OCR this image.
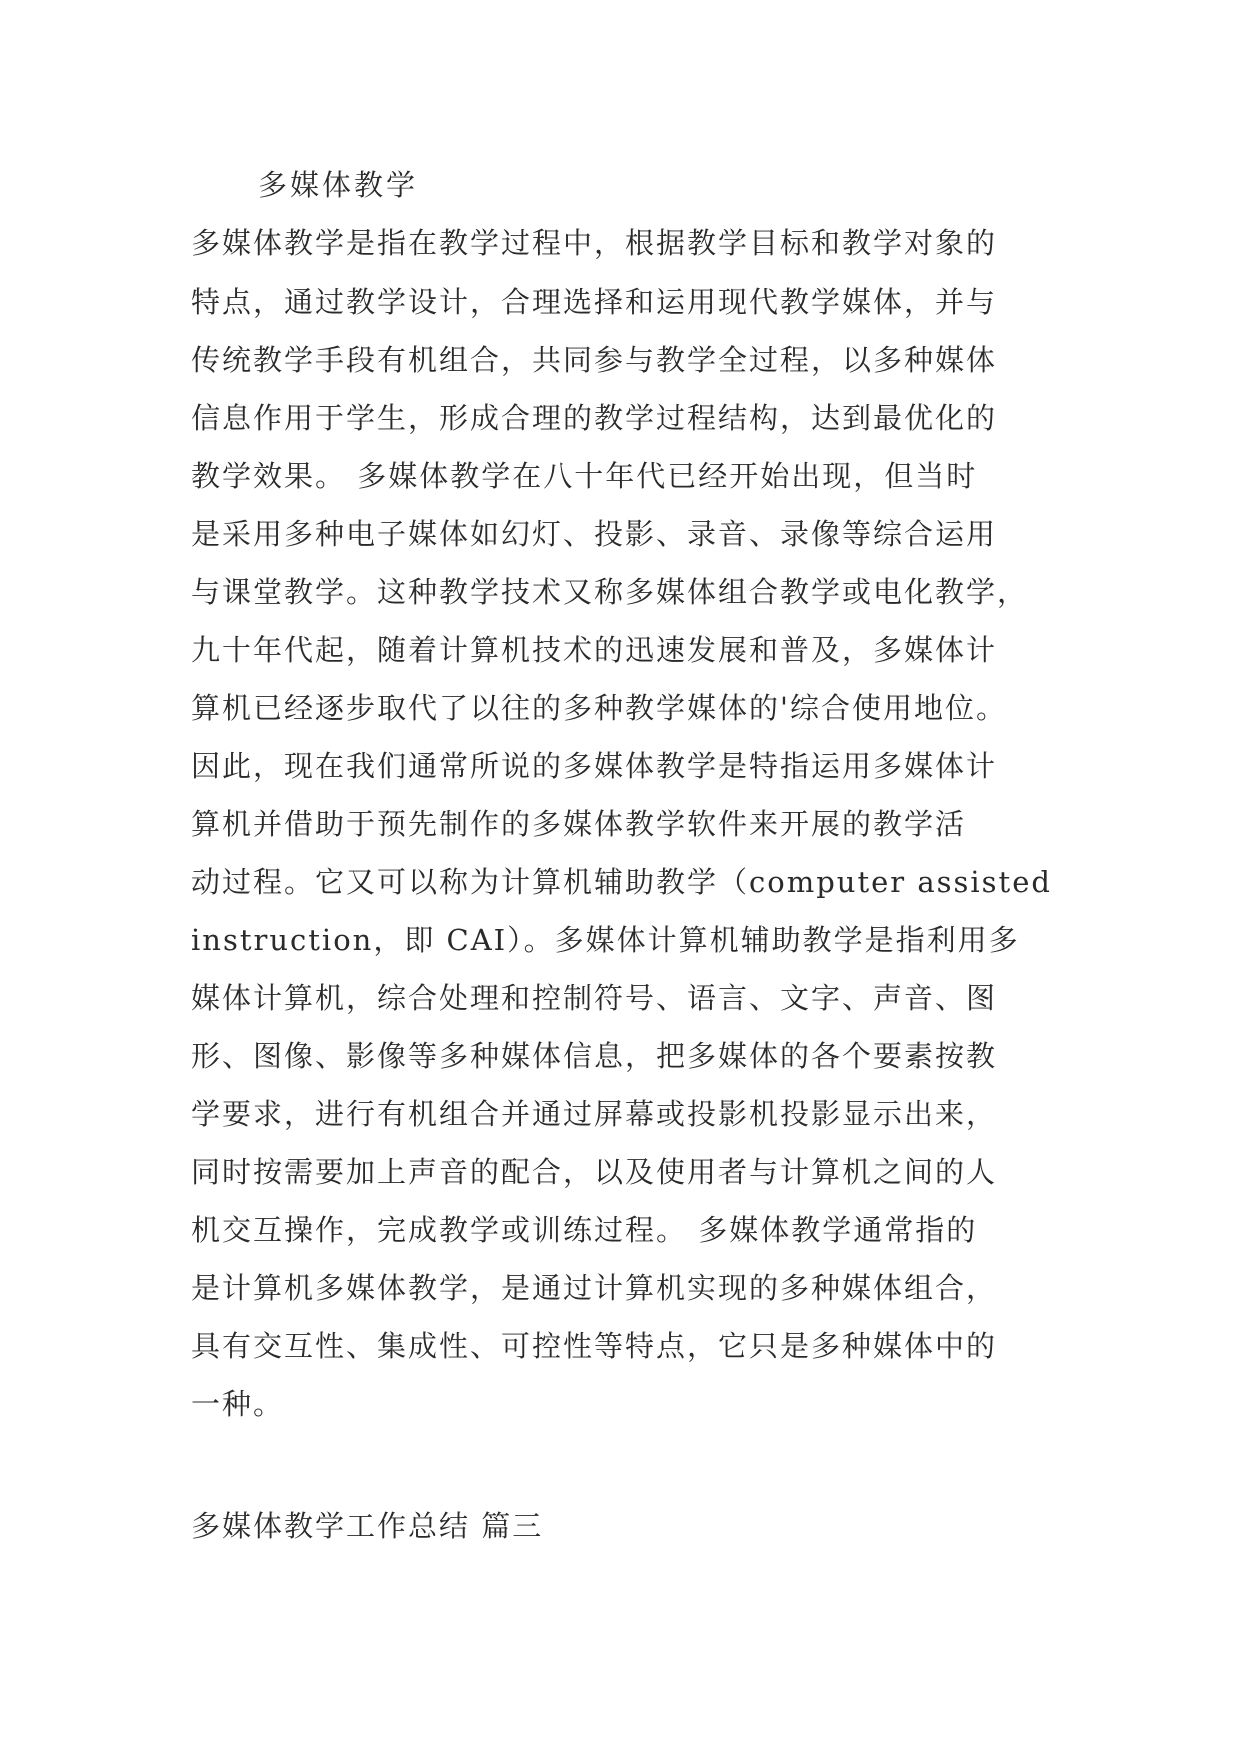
多媒体教学
多媒体教学是指在教学过程中，根据教学目标和教学对象的
特点，通过教学设计，合理选择和运用现代教学媒体，并与
传统教学手段有机组合，共同参与教学全过程，以多种媒体
信息作用于学生，形成合理的教学过程结构，达到最优化的
教学效果。 多媒体教学在八十年代已经开始出现，但当时
是采用多种电子媒体如幻灯、投影、录音、录像等综合运用
与课堂教学。这种教学技术又称多媒体组合教学或电化教学，
九十年代起，随着计算机技术的迅速发展和普及，多媒体计
算机已经逐步取代了以往的多种教学媒体的'综合使用地位。
因此，现在我们通常所说的多媒体教学是特指运用多媒体计
算机并借助于预先制作的多媒体教学软件来开展的教学活
动过程。它又可以称为计算机辅助教学（computer assisted
instruction，即 CAI）。多媒体计算机辅助教学是指利用多
媒体计算机，综合处理和控制符号、语言、文字、声音、图
形、图像、影像等多种媒体信息，把多媒体的各个要素按教
学要求，进行有机组合并通过屏幕或投影机投影显示出来，
同时按需要加上声音的配合，以及使用者与计算机之间的人
机交互操作，完成教学或训练过程。 多媒体教学通常指的
是计算机多媒体教学，是通过计算机实现的多种媒体组合，
具有交互性、集成性、可控性等特点，它只是多种媒体中的
一种。
多媒体教学工作总结 篇三
